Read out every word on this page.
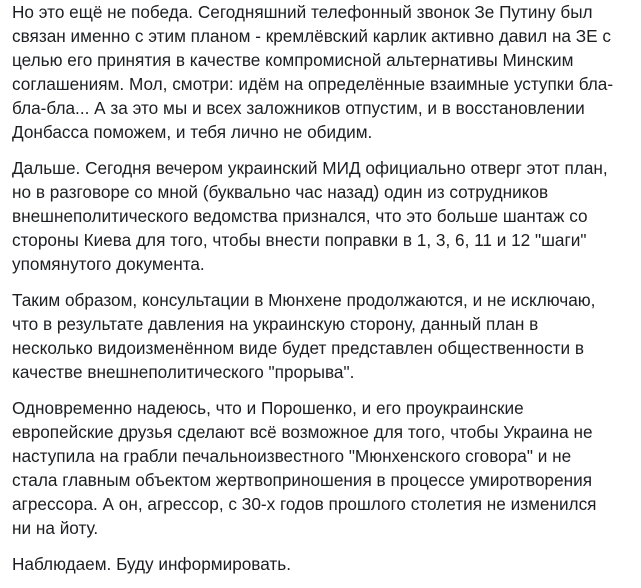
Но это ещё не победа. Сегодняшний телефонный звонок Зе Путину был
связан именно с этим планом - кремлёвский карлик активно давил на ЗЕ с
целью его принятия в качестве компромисной альтернативы Минским
соглашениям. Мол, смотри: идём на определённые взаимные уступки бла-
бла-бла... А за это мы и всех заложников отпустим, и в восстановлении
Донбасса поможем, и тебя лично не обидим.

Дальше. Сегодня вечером украинский МИД официально отверг этот план,
но в разговоре со мной (буквально час назад) один из сотрудников
внешнеполитического ведомства признался, что это больше шантаж со
стороны Киева для того, чтобы внести поправки в 1, 3, 6, 11 и 12 "шаги"
упомянутого документа.

Таким образом, консультации в Мюнхене продолжаются, и не исключаю,
что в результате давления на украинскую сторону, данный план в
несколько видоизменённом виде будет представлен общественности в
качестве внешнеполитического "прорыва".

Одновременно надеюсь, что и Порошенко, и его проукраинские
европейские друзья сделают всё возможное для того, чтобы Украина не
наступила на грабли печальноизвестного "Мюнхенского сговора" и не
стала главным объектом жертвоприношения в процессе умиротворения
агрессора. А он, агрессор, с 30-х годов прошлого столетия не изменился
ни на йоту.

Наблюдаем. Буду информировать.
